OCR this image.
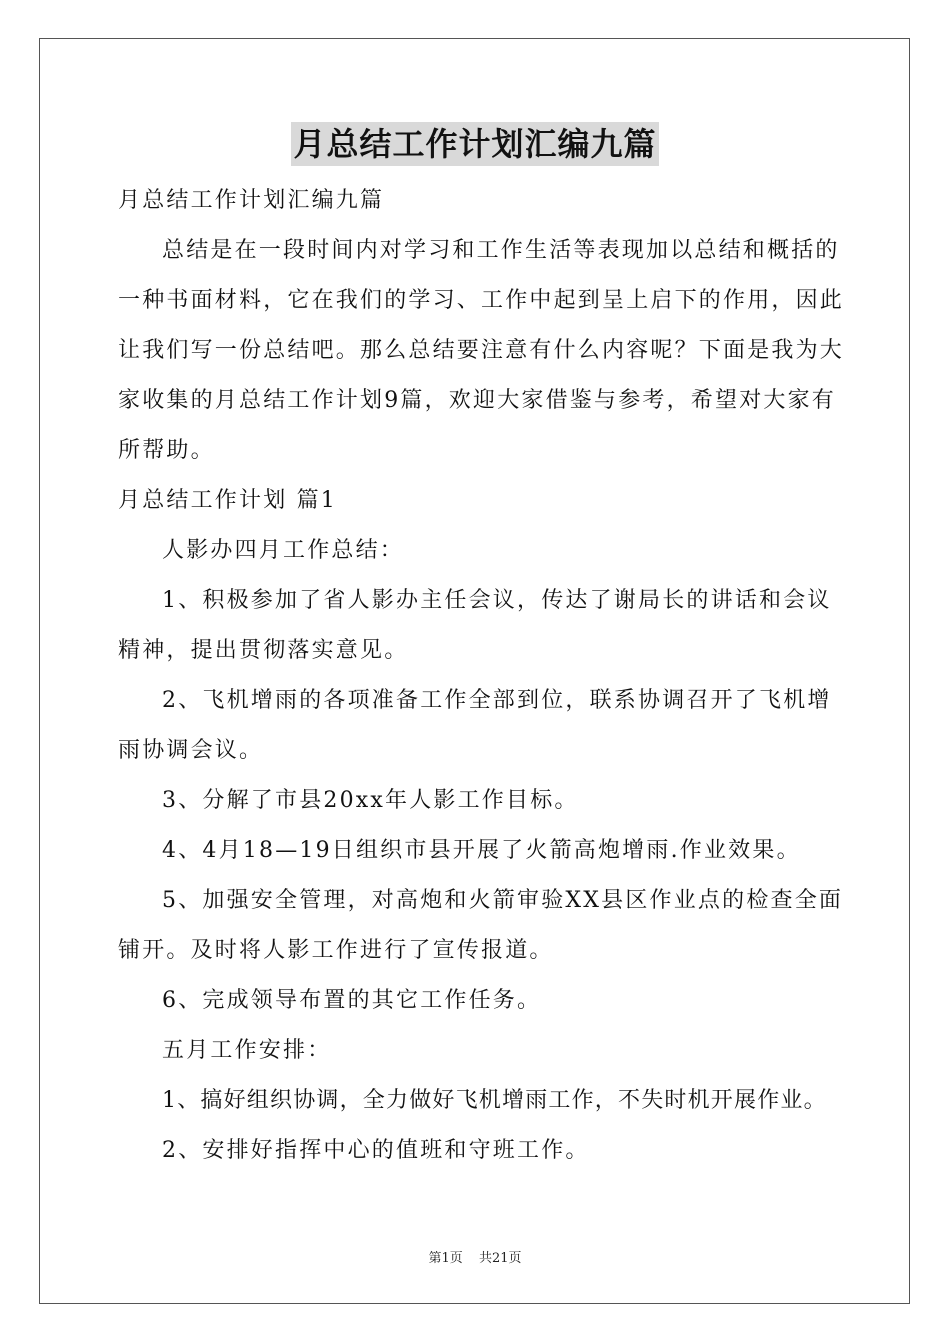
月总结工作计划汇编九篇
月总结工作计划汇编九篇
总结是在一段时间内对学习和工作生活等表现加以总结和概括的
一种书面材料，它在我们的学习、工作中起到呈上启下的作用，因此
让我们写一份总结吧。那么总结要注意有什么内容呢？下面是我为大
家收集的月总结工作计划9篇，欢迎大家借鉴与参考，希望对大家有
所帮助。
月总结工作计划 篇1
人影办四月工作总结：
1、积极参加了省人影办主任会议，传达了谢局长的讲话和会议
精神，提出贯彻落实意见。
2、飞机增雨的各项准备工作全部到位，联系协调召开了飞机增
雨协调会议。
3、分解了市县20xx年人影工作目标。
4、4月18—19日组织市县开展了火箭高炮增雨.作业效果。
5、加强安全管理，对高炮和火箭审验XX县区作业点的检查全面
铺开。及时将人影工作进行了宣传报道。
6、完成领导布置的其它工作任务。
五月工作安排：
1、搞好组织协调，全力做好飞机增雨工作，不失时机开展作业。
2、安排好指挥中心的值班和守班工作。
第1页 共21页
